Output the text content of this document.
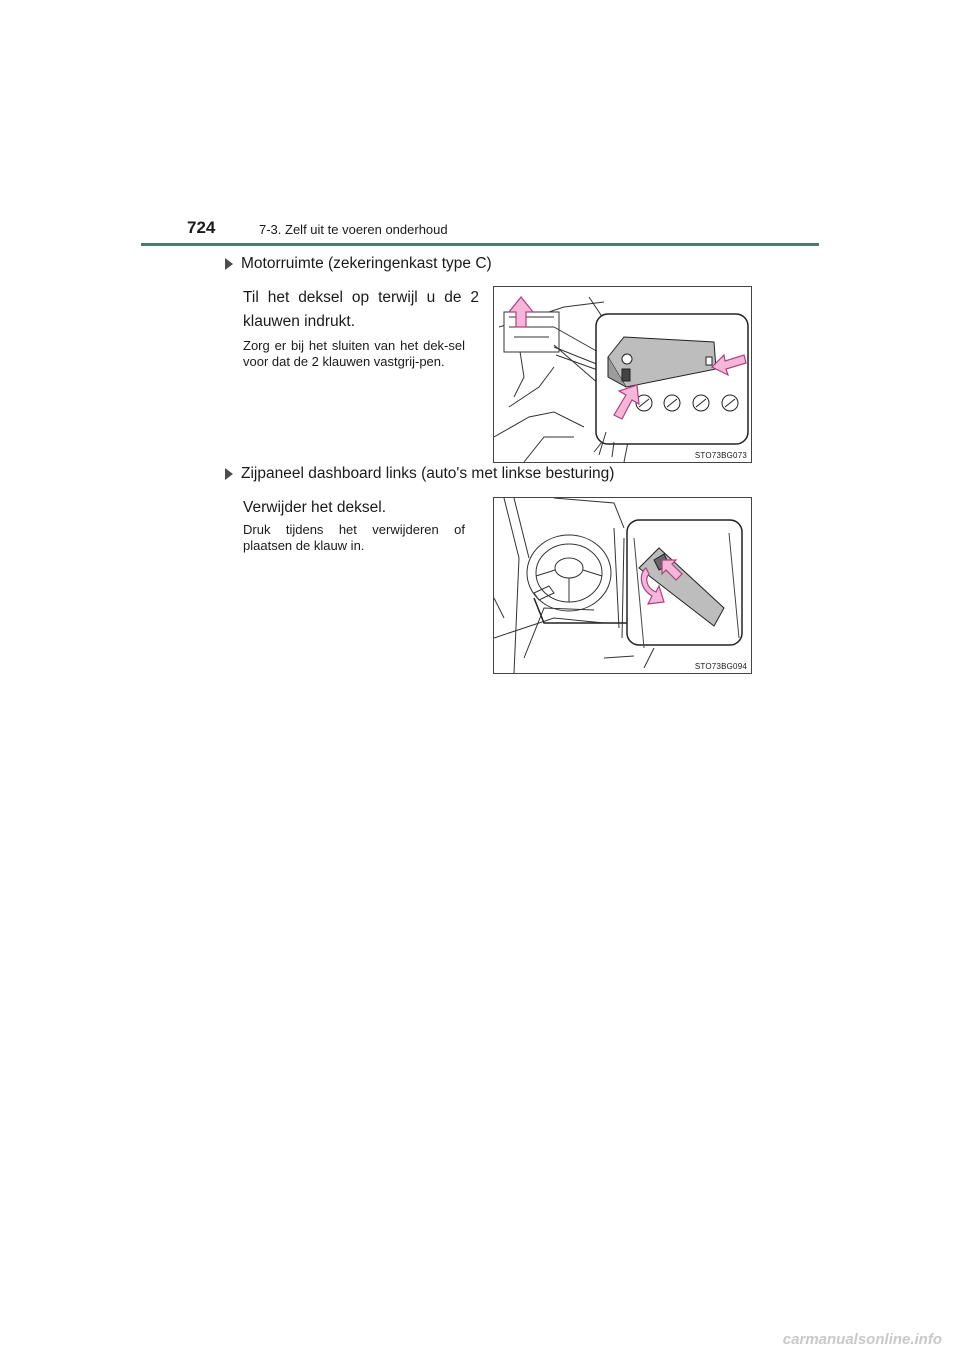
724	7-3. Zelf uit te voeren onderhoud
Motorruimte (zekeringenkast type C)
Til het deksel op terwijl u de 2 klauwen indrukt.
Zorg er bij het sluiten van het dek-sel voor dat de 2 klauwen vastgrij-pen.
STO73BG073
Zijpaneel dashboard links (auto's met linkse besturing)
Verwijder het deksel.
Druk tijdens het verwijderen of plaatsen de klauw in.
STO73BG094
carmanualsonline.info
